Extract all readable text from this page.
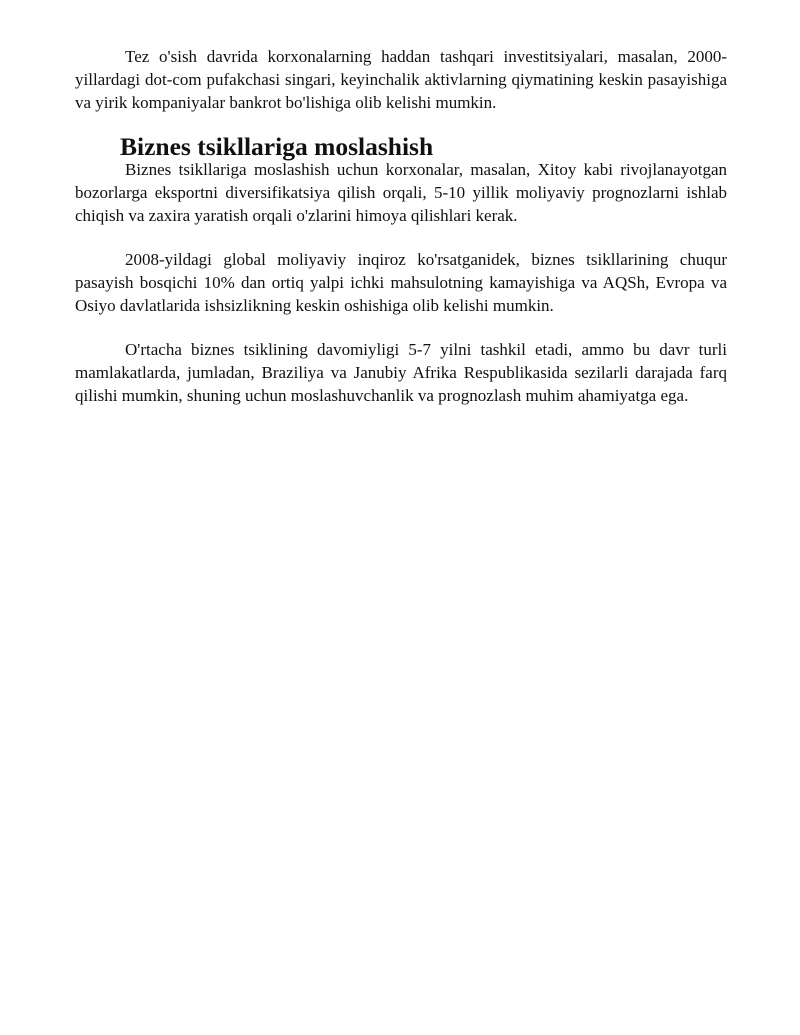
Tez o'sish davrida korxonalarning haddan tashqari investitsiyalari, masalan, 2000-yillardagi dot-com pufakchasi singari, keyinchalik aktivlarning qiymatining keskin pasayishiga va yirik kompaniyalar bankrot bo'lishiga olib kelishi mumkin.

Biznes tsikllariga moslashish

Biznes tsikllariga moslashish uchun korxonalar, masalan, Xitoy kabi rivojlanayotgan bozorlarga eksportni diversifikatsiya qilish orqali, 5-10 yillik moliyaviy prognozlarni ishlab chiqish va zaxira yaratish orqali o'zlarini himoya qilishlari kerak.

2008-yildagi global moliyaviy inqiroz ko'rsatganidek, biznes tsikllarining chuqur pasayish bosqichi 10% dan ortiq yalpi ichki mahsulotning kamayishiga va AQSh, Evropa va Osiyo davlatlarida ishsizlikning keskin oshishiga olib kelishi mumkin.

O'rtacha biznes tsiklining davomiyligi 5-7 yilni tashkil etadi, ammo bu davr turli mamlakatlarda, jumladan, Braziliya va Janubiy Afrika Respublikasida sezilarli darajada farq qilishi mumkin, shuning uchun moslashuvchanlik va prognozlash muhim ahamiyatga ega.
